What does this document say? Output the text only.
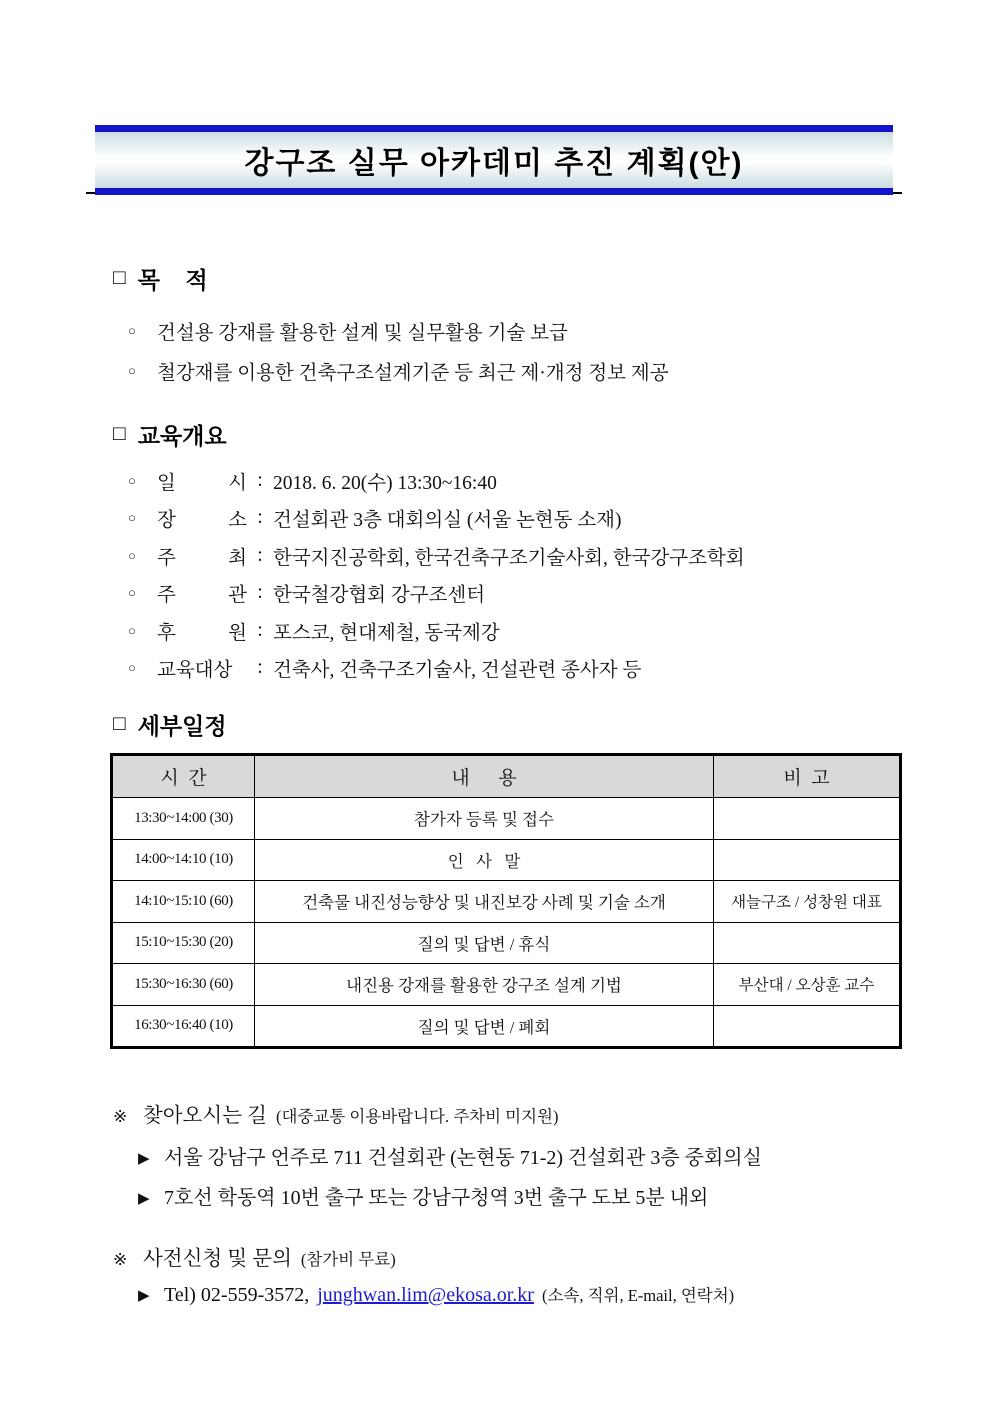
강구조 실무 아카데미 추진 계획(안)
□ 목    적
○	건설용 강재를 활용한 설계 및 실무활용 기술 보급
○	철강재를 이용한 건축구조설계기준 등 최근 제·개정 정보 제공
□ 교육개요
○	일 시 : 2018. 6. 20(수) 13:30~16:40
○	장 소 : 건설회관 3층 대회의실 (서울 논현동 소재)
○	주 최 : 한국지진공학회, 한국건축구조기술사회, 한국강구조학회
○	주 관 : 한국철강협회 강구조센터
○	후 원 : 포스코, 현대제철, 동국제강
○	교육대상	: 건축사, 건축구조기술사, 건설관련 종사자 등
□ 세부일정
시  간	내      용	비  고
13:30~14:00 (30)	참가자 등록 및 접수	
14:00~14:10 (10)	인   사   말	
14:10~15:10 (60)	건축물 내진성능향상 및 내진보강 사례 및 기술 소개	새늘구조 / 성창원 대표
15:10~15:30 (20)	질의 및 답변 / 휴식	
15:30~16:30 (60)	내진용 강재를 활용한 강구조 설계 기법	부산대 / 오상훈 교수
16:30~16:40 (10)	질의 및 답변 / 폐회	
※ 찾아오시는 길 (대중교통 이용바랍니다. 주차비 미지원)
▶ 서울 강남구 언주로 711 건설회관 (논현동 71-2) 건설회관 3층 중회의실
▶ 7호선 학동역 10번 출구 또는 강남구청역 3번 출구 도보 5분 내외
※ 사전신청 및 문의 (참가비 무료)
▶ Tel) 02-559-3572, junghwan.lim@ekosa.or.kr (소속, 직위, E-mail, 연락처)
